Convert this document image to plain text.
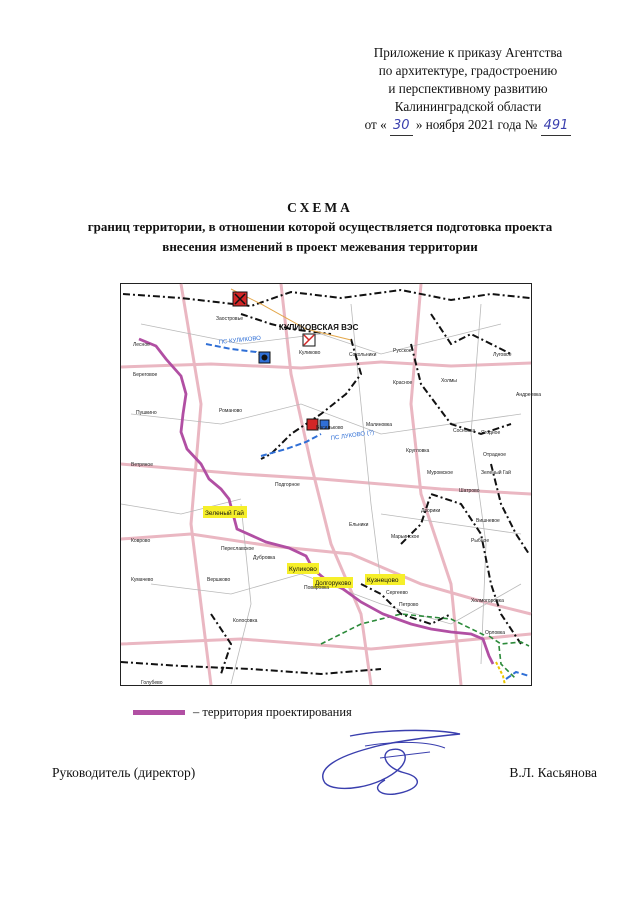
Приложение к приказу Агентства
по архитектуре, градостроению
и перспективному развитию
Калининградской области
от « 30 » ноября 2021 года № 491
СХЕМА
границ территории, в отношении которой осуществляется подготовка проекта
внесения изменений в проект межевания территории
КУЛИКОВСКАЯ ВЭС
ПС КУЛИКОВО
ПС ЛУКОВО (?)
Зеленый Гай
Куликово
Долгоруково Кузнецово
Заостровье
Куликово	Сокольники
Лесное
Русское
Романово
Красное	Холмы
Луговое
Андреевка
Васильково	Малиновка
Кругловка
Сосновка
Отрадное
Муромское
Ягодное
Зеленый Гай
Ветряное
Подгорное
Береговое
Дворики
Шатрово
Вишневое
Кумачево
Пушкино
Дубровка
Вершково
Поваровка
Холмогоровка
Колосовка
Переславское
Ельники
Марьинское
Рыбное
Сергеево
Петрово
Орловка
Коврово
Голубево
– территория проектирования
Руководитель (директор)	В.Л. Касьянова
